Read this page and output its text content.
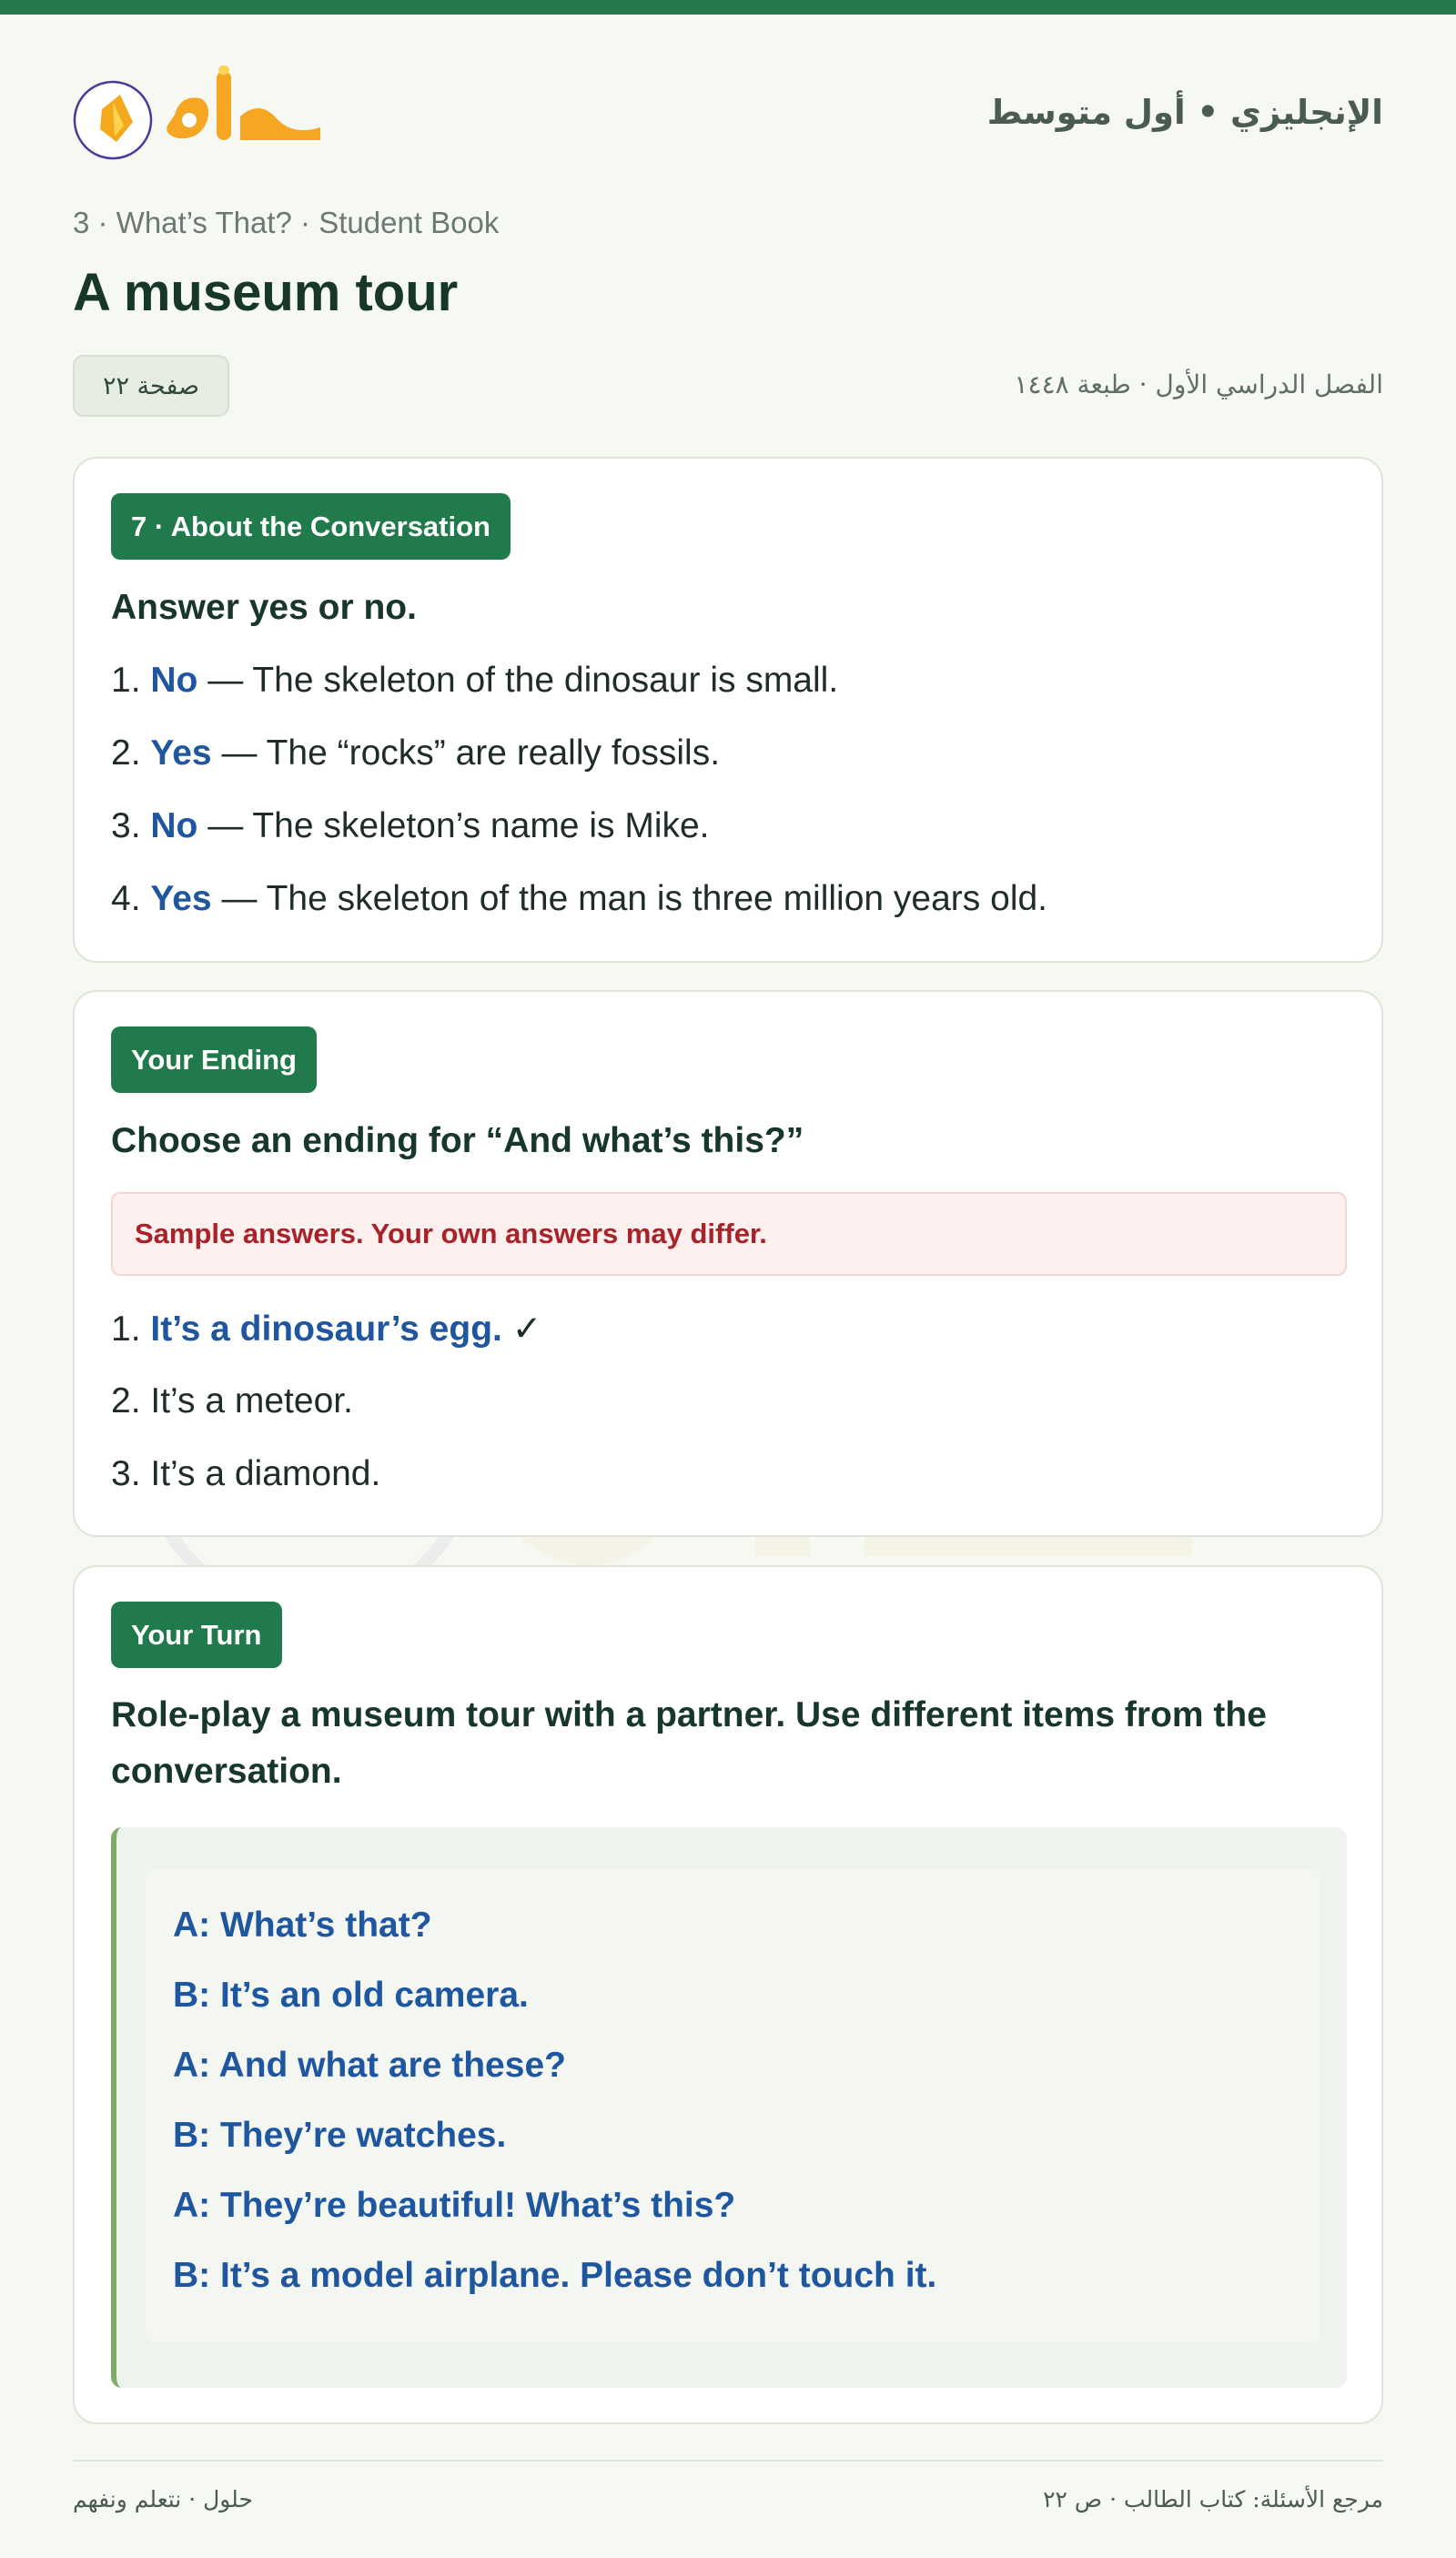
الإنجليزي • أول متوسط
3 · What’s That? · Student Book
A museum tour
صفحة ٢٢	الفصل الدراسي الأول · طبعة ١٤٤٨
7 · About the Conversation
Answer yes or no.
1. No — The skeleton of the dinosaur is small.
2. Yes — The “rocks” are really fossils.
3. No — The skeleton’s name is Mike.
4. Yes — The skeleton of the man is three million years old.
Your Ending
Choose an ending for “And what’s this?”
Sample answers. Your own answers may differ.
1. It’s a dinosaur’s egg. ✓
2. It’s a meteor.
3. It’s a diamond.
Your Turn
Role-play a museum tour with a partner. Use different items from the conversation.
A: What’s that?
B: It’s an old camera.
A: And what are these?
B: They’re watches.
A: They’re beautiful! What’s this?
B: It’s a model airplane. Please don’t touch it.
حلول · نتعلم ونفهم	مرجع الأسئلة: كتاب الطالب · ص ٢٢
